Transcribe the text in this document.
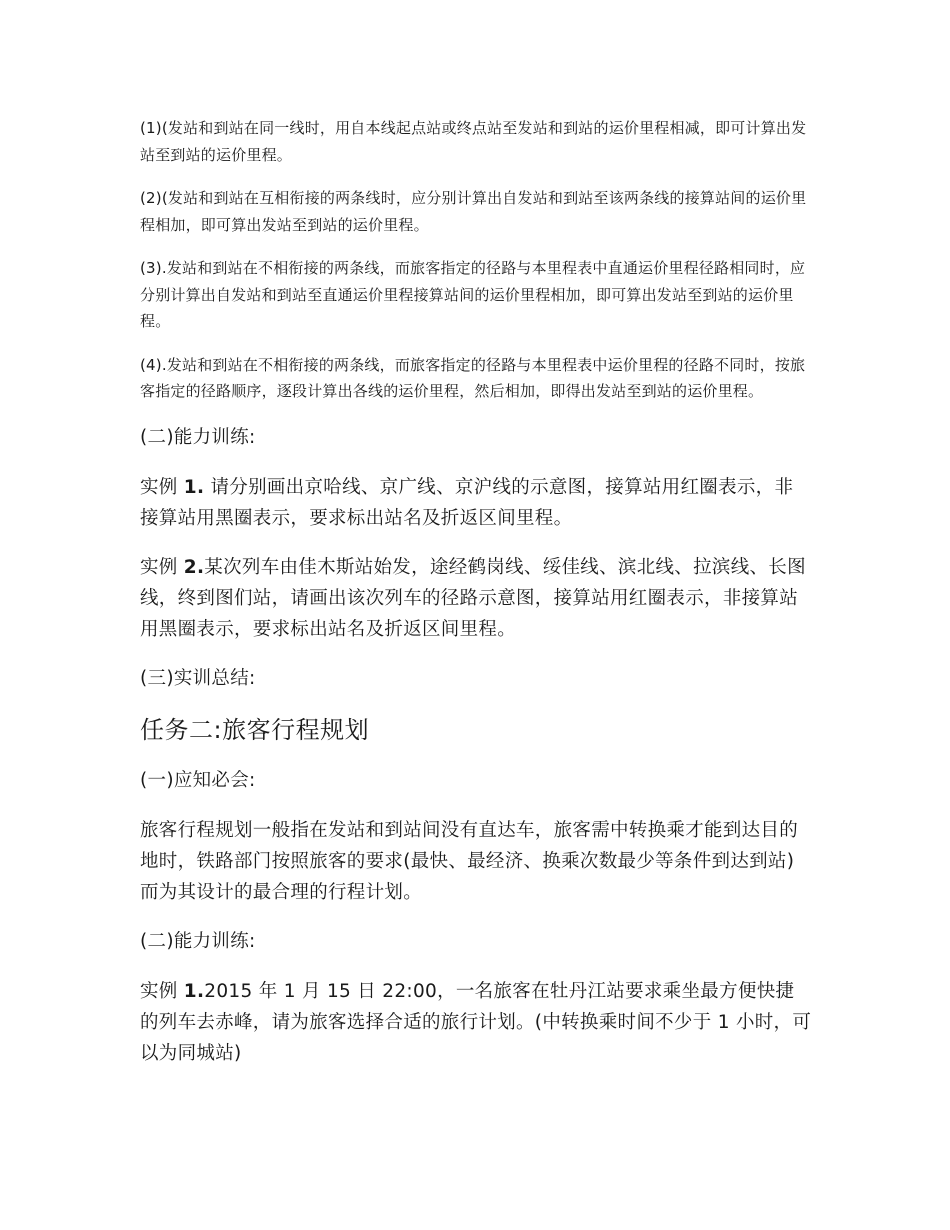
(1)(发站和到站在同一线时，用自本线起点站或终点站至发站和到站的运价里程相减，即可计算出发站至到站的运价里程。

(2)(发站和到站在互相衔接的两条线时，应分别计算出自发站和到站至该两条线的接算站间的运价里程相加，即可算出发站至到站的运价里程。

(3).发站和到站在不相衔接的两条线，而旅客指定的径路与本里程表中直通运价里程径路相同时，应分别计算出自发站和到站至直通运价里程接算站间的运价里程相加，即可算出发站至到站的运价里程。

(4).发站和到站在不相衔接的两条线，而旅客指定的径路与本里程表中运价里程的径路不同时，按旅客指定的径路顺序，逐段计算出各线的运价里程，然后相加，即得出发站至到站的运价里程。

(二)能力训练:

实例 1. 请分别画出京哈线、京广线、京沪线的示意图，接算站用红圈表示，非接算站用黑圈表示，要求标出站名及折返区间里程。

实例 2.某次列车由佳木斯站始发，途经鹤岗线、绥佳线、滨北线、拉滨线、长图线，终到图们站，请画出该次列车的径路示意图，接算站用红圈表示，非接算站用黑圈表示，要求标出站名及折返区间里程。

(三)实训总结:

任务二:旅客行程规划

(一)应知必会:

旅客行程规划一般指在发站和到站间没有直达车，旅客需中转换乘才能到达目的地时，铁路部门按照旅客的要求(最快、最经济、换乘次数最少等条件到达到站)而为其设计的最合理的行程计划。

(二)能力训练:

实例 1.2015 年 1 月 15 日 22:00，一名旅客在牡丹江站要求乘坐最方便快捷的列车去赤峰，请为旅客选择合适的旅行计划。(中转换乘时间不少于 1 小时，可以为同城站)
